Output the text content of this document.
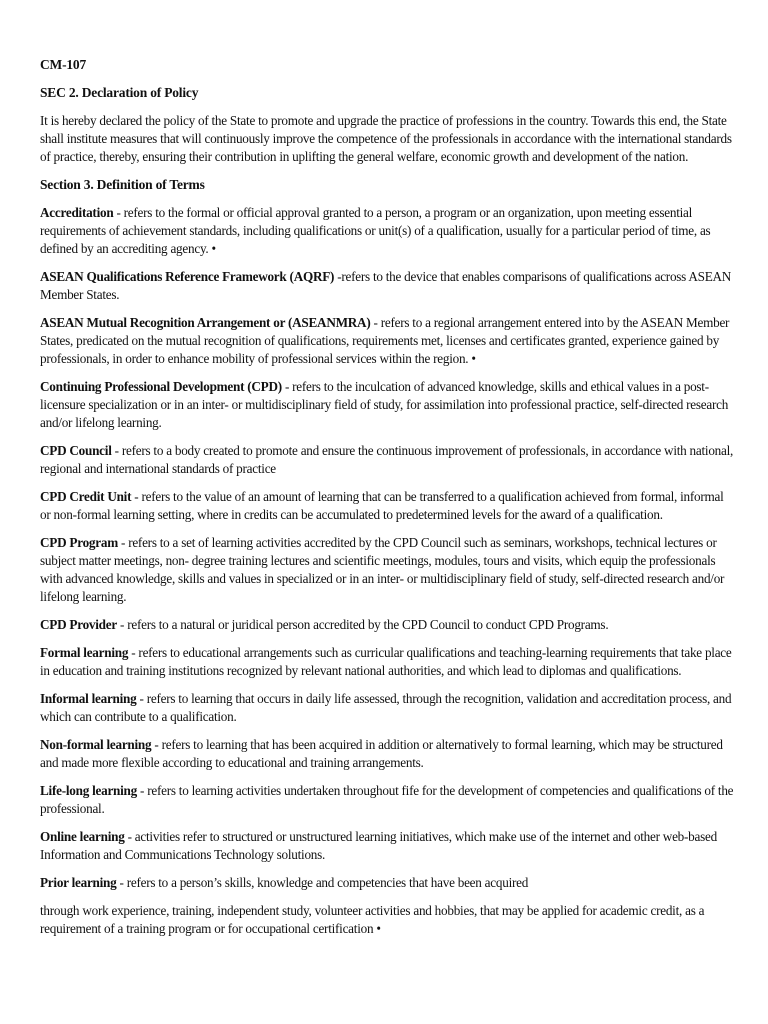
CM-107
SEC 2. Declaration of Policy

It is hereby declared the policy of the State to promote and upgrade the practice of professions in the country. Towards this end, the State shall institute measures that will continuously improve the competence of the professionals in accordance with the international standards of practice, thereby, ensuring their contribution in uplifting the general welfare, economic growth and development of the nation.

Section 3. Definition of Terms

Accreditation - refers to the formal or official approval granted to a person, a program or an organization, upon meeting essential requirements of achievement standards, including qualifications or unit(s) of a qualification, usually for a particular period of time, as defined by an accrediting agency. •

ASEAN Qualifications Reference Framework (AQRF) -refers to the device that enables comparisons of qualifications across ASEAN Member States.

ASEAN Mutual Recognition Arrangement or (ASEANMRA) - refers to a regional arrangement entered into by the ASEAN Member States, predicated on the mutual recognition of qualifications, requirements met, licenses and certificates granted, experience gained by professionals, in order to enhance mobility of professional services within the region. •

Continuing Professional Development (CPD) - refers to the inculcation of advanced knowledge, skills and ethical values in a post-licensure specialization or in an inter- or multidisciplinary field of study, for assimilation into professional practice, self-directed research and/or lifelong learning.

CPD Council - refers to a body created to promote and ensure the continuous improvement of professionals, in accordance with national, regional and international standards of practice

CPD Credit Unit - refers to the value of an amount of learning that can be transferred to a qualification achieved from formal, informal or non-formal learning setting, where in credits can be accumulated to predetermined levels for the award of a qualification.

CPD Program - refers to a set of learning activities accredited by the CPD Council such as seminars, workshops, technical lectures or subject matter meetings, non- degree training lectures and scientific meetings, modules, tours and visits, which equip the professionals with advanced knowledge, skills and values in specialized or in an inter- or multidisciplinary field of study, self-directed research and/or lifelong learning.

CPD Provider - refers to a natural or juridical person accredited by the CPD Council to conduct CPD Programs.

Formal learning - refers to educational arrangements such as curricular qualifications and teaching-learning requirements that take place in education and training institutions recognized by relevant national authorities, and which lead to diplomas and qualifications.

Informal learning - refers to learning that occurs in daily life assessed, through the recognition, validation and accreditation process, and which can contribute to a qualification.

Non-formal learning - refers to learning that has been acquired in addition or alternatively to formal learning, which may be structured and made more flexible according to educational and training arrangements.

Life-long learning - refers to learning activities undertaken throughout fife for the development of competencies and qualifications of the professional.

Online learning - activities refer to structured or unstructured learning initiatives, which make use of the internet and other web-based Information and Communications Technology solutions.

Prior learning - refers to a person’s skills, knowledge and competencies that have been acquired

through work experience, training, independent study, volunteer activities and hobbies, that may be applied for academic credit, as a requirement of a training program or for occupational certification •
